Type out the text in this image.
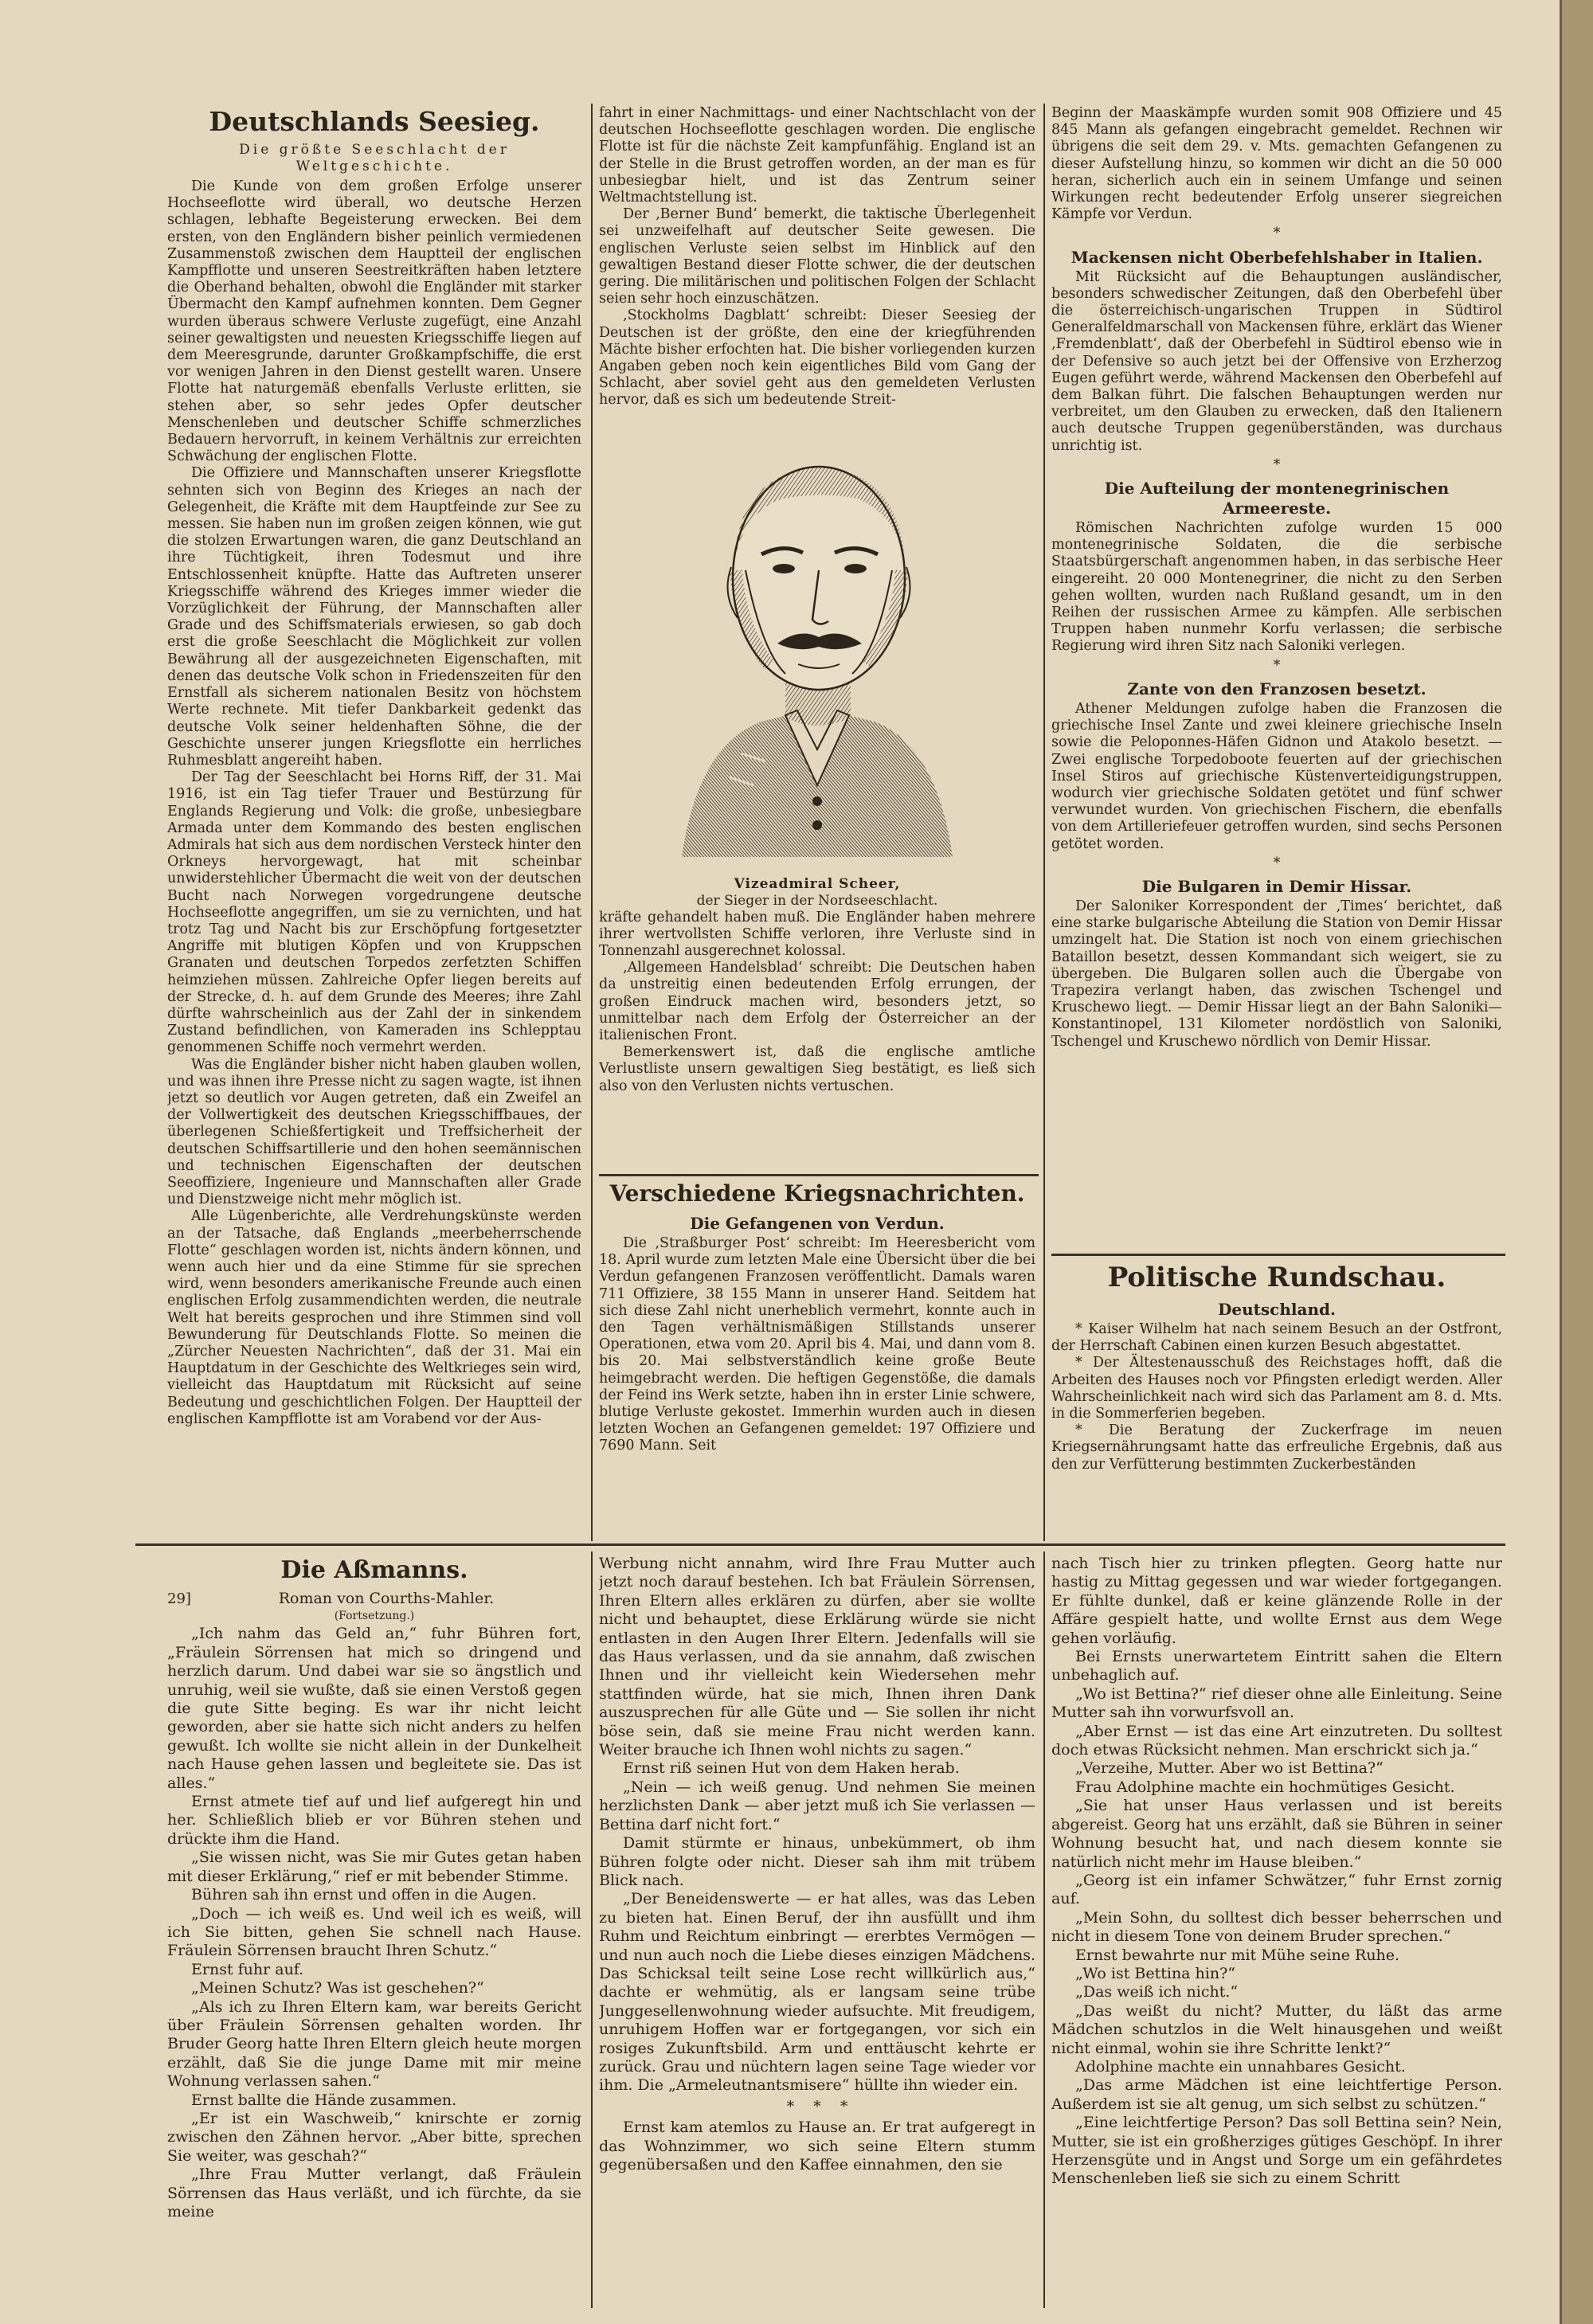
Deutschlands Seesieg.
Die größte Seeschlacht der Weltgeschichte.

Die Kunde von dem großen Erfolge unserer Hochseeflotte wird überall, wo deutsche Herzen schlagen, lebhafte Begeisterung erwecken. Bei dem ersten, von den Engländern bisher peinlich vermiedenen Zusammenstoß zwischen dem Hauptteil der englischen Kampfflotte und unseren Seestreitkräften haben letztere die Oberhand behalten, obwohl die Engländer mit starker Übermacht den Kampf aufnehmen konnten. Dem Gegner wurden überaus schwere Verluste zugefügt, eine Anzahl seiner gewaltigsten und neuesten Kriegsschiffe liegen auf dem Meeresgrunde, darunter Großkampfschiffe, die erst vor wenigen Jahren in den Dienst gestellt waren. Unsere Flotte hat naturgemäß ebenfalls Verluste erlitten, sie stehen aber, so sehr jedes Opfer deutscher Menschenleben und deutscher Schiffe schmerzliches Bedauern hervorruft, in keinem Verhältnis zur erreichten Schwächung der englischen Flotte.

Die Offiziere und Mannschaften unserer Kriegsflotte sehnten sich von Beginn des Krieges an nach der Gelegenheit, die Kräfte mit dem Hauptfeinde zur See zu messen. Sie haben nun im großen zeigen können, wie gut die stolzen Erwartungen waren, die ganz Deutschland an ihre Tüchtigkeit, ihren Todesmut und ihre Entschlossenheit knüpfte. Hatte das Auftreten unserer Kriegsschiffe während des Krieges immer wieder die Vorzüglichkeit der Führung, der Mannschaften aller Grade und des Schiffsmaterials erwiesen, so gab doch erst die große Seeschlacht die Möglichkeit zur vollen Bewährung all der ausgezeichneten Eigenschaften, mit denen das deutsche Volk schon in Friedenszeiten für den Ernstfall als sicherem nationalen Besitz von höchstem Werte rechnete. Mit tiefer Dankbarkeit gedenkt das deutsche Volk seiner heldenhaften Söhne, die der Geschichte unserer jungen Kriegsflotte ein herrliches Ruhmesblatt angereiht haben.

Der Tag der Seeschlacht bei Horns Riff, der 31. Mai 1916, ist ein Tag tiefer Trauer und Bestürzung für Englands Regierung und Volk: die große, unbesiegbare Armada unter dem Kommando des besten englischen Admirals hat sich aus dem nordischen Versteck hinter den Orkneys hervorgewagt, hat mit scheinbar unwiderstehlicher Übermacht die weit von der deutschen Bucht nach Norwegen vorgedrungene deutsche Hochseeflotte angegriffen, um sie zu vernichten, und hat trotz Tag und Nacht bis zur Erschöpfung fortgesetzter Angriffe mit blutigen Köpfen und von Kruppschen Granaten und deutschen Torpedos zerfetzten Schiffen heimziehen müssen. Zahlreiche Opfer liegen bereits auf der Strecke, d. h. auf dem Grunde des Meeres; ihre Zahl dürfte wahrscheinlich aus der Zahl der in sinkendem Zustand befindlichen, von Kameraden ins Schlepptau genommenen Schiffe noch vermehrt werden.

Was die Engländer bisher nicht haben glauben wollen, und was ihnen ihre Presse nicht zu sagen wagte, ist ihnen jetzt so deutlich vor Augen getreten, daß ein Zweifel an der Vollwertigkeit des deutschen Kriegsschiffbaues, der überlegenen Schießfertigkeit und Treffsicherheit der deutschen Schiffsartillerie und den hohen seemännischen und technischen Eigenschaften der deutschen Seeoffiziere, Ingenieure und Mannschaften aller Grade und Dienstzweige nicht mehr möglich ist.

Alle Lügenberichte, alle Verdrehungskünste werden an der Tatsache, daß Englands „meerbeherrschende Flotte“ geschlagen worden ist, nichts ändern können, und wenn auch hier und da eine Stimme für sie sprechen wird, wenn besonders amerikanische Freunde auch einen englischen Erfolg zusammendichten werden, die neutrale Welt hat bereits gesprochen und ihre Stimmen sind voll Bewunderung für Deutschlands Flotte. So meinen die „Zürcher Neuesten Nachrichten“, daß der 31. Mai ein Hauptdatum in der Geschichte des Weltkrieges sein wird, vielleicht das Hauptdatum mit Rücksicht auf seine Bedeutung und geschichtlichen Folgen. Der Hauptteil der englischen Kampfflotte ist am Vorabend vor der Aus-

fahrt in einer Nachmittags- und einer Nachtschlacht von der deutschen Hochseeflotte geschlagen worden. Die englische Flotte ist für die nächste Zeit kampfunfähig. England ist an der Stelle in die Brust getroffen worden, an der man es für unbesiegbar hielt, und ist das Zentrum seiner Weltmachtstellung ist.

Der ‚Berner Bund‘ bemerkt, die taktische Überlegenheit sei unzweifelhaft auf deutscher Seite gewesen. Die englischen Verluste seien selbst im Hinblick auf den gewaltigen Bestand dieser Flotte schwer, die der deutschen gering. Die militärischen und politischen Folgen der Schlacht seien sehr hoch einzuschätzen.

‚Stockholms Dagblatt‘ schreibt: Dieser Seesieg der Deutschen ist der größte, den eine der kriegführenden Mächte bisher erfochten hat. Die bisher vorliegenden kurzen Angaben geben noch kein eigentliches Bild vom Gang der Schlacht, aber soviel geht aus den gemeldeten Verlusten hervor, daß es sich um bedeutende Streit-

Vizeadmiral Scheer,
der Sieger in der Nordseeschlacht.

kräfte gehandelt haben muß. Die Engländer haben mehrere ihrer wertvollsten Schiffe verloren, ihre Verluste sind in Tonnenzahl ausgerechnet kolossal.

‚Allgemeen Handelsblad‘ schreibt: Die Deutschen haben da unstreitig einen bedeutenden Erfolg errungen, der großen Eindruck machen wird, besonders jetzt, so unmittelbar nach dem Erfolg der Österreicher an der italienischen Front.

Bemerkenswert ist, daß die englische amtliche Verlustliste unsern gewaltigen Sieg bestätigt, es ließ sich also von den Verlusten nichts vertuschen.

Verschiedene Kriegsnachrichten.
Die Gefangenen von Verdun.

Die ‚Straßburger Post‘ schreibt: Im Heeresbericht vom 18. April wurde zum letzten Male eine Übersicht über die bei Verdun gefangenen Franzosen veröffentlicht. Damals waren 711 Offiziere, 38 155 Mann in unserer Hand. Seitdem hat sich diese Zahl nicht unerheblich vermehrt, konnte auch in den Tagen verhältnismäßigen Stillstands unserer Operationen, etwa vom 20. April bis 4. Mai, und dann vom 8. bis 20. Mai selbstverständlich keine große Beute heimgebracht werden. Die heftigen Gegenstöße, die damals der Feind ins Werk setzte, haben ihn in erster Linie schwere, blutige Verluste gekostet. Immerhin wurden auch in diesen letzten Wochen an Gefangenen gemeldet: 197 Offiziere und 7690 Mann. Seit

Beginn der Maaskämpfe wurden somit 908 Offiziere und 45 845 Mann als gefangen eingebracht gemeldet. Rechnen wir übrigens die seit dem 29. v. Mts. gemachten Gefangenen zu dieser Aufstellung hinzu, so kommen wir dicht an die 50 000 heran, sicherlich auch ein in seinem Umfange und seinen Wirkungen recht bedeutender Erfolg unserer siegreichen Kämpfe vor Verdun.

*
Mackensen nicht Oberbefehlshaber in Italien.

Mit Rücksicht auf die Behauptungen ausländischer, besonders schwedischer Zeitungen, daß den Oberbefehl über die österreichisch-ungarischen Truppen in Südtirol Generalfeldmarschall von Mackensen führe, erklärt das Wiener ‚Fremdenblatt‘, daß der Oberbefehl in Südtirol ebenso wie in der Defensive so auch jetzt bei der Offensive von Erzherzog Eugen geführt werde, während Mackensen den Oberbefehl auf dem Balkan führt. Die falschen Behauptungen werden nur verbreitet, um den Glauben zu erwecken, daß den Italienern auch deutsche Truppen gegenüberständen, was durchaus unrichtig ist.

*
Die Aufteilung der montenegrinischen Armeereste.

Römischen Nachrichten zufolge wurden 15 000 montenegrinische Soldaten, die die serbische Staatsbürgerschaft angenommen haben, in das serbische Heer eingereiht. 20 000 Montenegriner, die nicht zu den Serben gehen wollten, wurden nach Rußland gesandt, um in den Reihen der russischen Armee zu kämpfen. Alle serbischen Truppen haben nunmehr Korfu verlassen; die serbische Regierung wird ihren Sitz nach Saloniki verlegen.

*
Zante von den Franzosen besetzt.

Athener Meldungen zufolge haben die Franzosen die griechische Insel Zante und zwei kleinere griechische Inseln sowie die Peloponnes-Häfen Gidnon und Atakolo besetzt. — Zwei englische Torpedoboote feuerten auf der griechischen Insel Stiros auf griechische Küstenverteidigungstruppen, wodurch vier griechische Soldaten getötet und fünf schwer verwundet wurden. Von griechischen Fischern, die ebenfalls von dem Artilleriefeuer getroffen wurden, sind sechs Personen getötet worden.

*
Die Bulgaren in Demir Hissar.

Der Saloniker Korrespondent der ‚Times‘ berichtet, daß eine starke bulgarische Abteilung die Station von Demir Hissar umzingelt hat. Die Station ist noch von einem griechischen Bataillon besetzt, dessen Kommandant sich weigert, sie zu übergeben. Die Bulgaren sollen auch die Übergabe von Trapezira verlangt haben, das zwischen Tschengel und Kruschewo liegt. — Demir Hissar liegt an der Bahn Saloniki—Konstantinopel, 131 Kilometer nordöstlich von Saloniki, Tschengel und Kruschewo nördlich von Demir Hissar.

Politische Rundschau.
Deutschland.

* Kaiser Wilhelm hat nach seinem Besuch an der Ostfront, der Herrschaft Cabinen einen kurzen Besuch abgestattet.

* Der Ältestenausschuß des Reichstages hofft, daß die Arbeiten des Hauses noch vor Pfingsten erledigt werden. Aller Wahrscheinlichkeit nach wird sich das Parlament am 8. d. Mts. in die Sommerferien begeben.

* Die Beratung der Zuckerfrage im neuen Kriegsernährungsamt hatte das erfreuliche Ergebnis, daß aus den zur Verfütterung bestimmten Zuckerbeständen

Die Aßmanns.
29]	Roman von Courths-Mahler.
(Fortsetzung.)

„Ich nahm das Geld an,“ fuhr Bühren fort, „Fräulein Sörrensen hat mich so dringend und herzlich darum. Und dabei war sie so ängstlich und unruhig, weil sie wußte, daß sie einen Verstoß gegen die gute Sitte beging. Es war ihr nicht leicht geworden, aber sie hatte sich nicht anders zu helfen gewußt. Ich wollte sie nicht allein in der Dunkelheit nach Hause gehen lassen und begleitete sie. Das ist alles.“

Ernst atmete tief auf und lief aufgeregt hin und her. Schließlich blieb er vor Bühren stehen und drückte ihm die Hand.

„Sie wissen nicht, was Sie mir Gutes getan haben mit dieser Erklärung,“ rief er mit bebender Stimme.

Bühren sah ihn ernst und offen in die Augen.

„Doch — ich weiß es. Und weil ich es weiß, will ich Sie bitten, gehen Sie schnell nach Hause. Fräulein Sörrensen braucht Ihren Schutz.“

Ernst fuhr auf.

„Meinen Schutz? Was ist geschehen?“

„Als ich zu Ihren Eltern kam, war bereits Gericht über Fräulein Sörrensen gehalten worden. Ihr Bruder Georg hatte Ihren Eltern gleich heute morgen erzählt, daß Sie die junge Dame mit mir meine Wohnung verlassen sahen.“

Ernst ballte die Hände zusammen.

„Er ist ein Waschweib,“ knirschte er zornig zwischen den Zähnen hervor. „Aber bitte, sprechen Sie weiter, was geschah?“

„Ihre Frau Mutter verlangt, daß Fräulein Sörrensen das Haus verläßt, und ich fürchte, da sie meine

Werbung nicht annahm, wird Ihre Frau Mutter auch jetzt noch darauf bestehen. Ich bat Fräulein Sörrensen, Ihren Eltern alles erklären zu dürfen, aber sie wollte nicht und behauptet, diese Erklärung würde sie nicht entlasten in den Augen Ihrer Eltern. Jedenfalls will sie das Haus verlassen, und da sie annahm, daß zwischen Ihnen und ihr vielleicht kein Wiedersehen mehr stattfinden würde, hat sie mich, Ihnen ihren Dank auszusprechen für alle Güte und — Sie sollen ihr nicht böse sein, daß sie meine Frau nicht werden kann. Weiter brauche ich Ihnen wohl nichts zu sagen.“

Ernst riß seinen Hut von dem Haken herab.

„Nein — ich weiß genug. Und nehmen Sie meinen herzlichsten Dank — aber jetzt muß ich Sie verlassen — Bettina darf nicht fort.“

Damit stürmte er hinaus, unbekümmert, ob ihm Bühren folgte oder nicht. Dieser sah ihm mit trübem Blick nach.

„Der Beneidenswerte — er hat alles, was das Leben zu bieten hat. Einen Beruf, der ihn ausfüllt und ihm Ruhm und Reichtum einbringt — ererbtes Vermögen — und nun auch noch die Liebe dieses einzigen Mädchens. Das Schicksal teilt seine Lose recht willkürlich aus,“ dachte er wehmütig, als er langsam seine trübe Junggesellenwohnung wieder aufsuchte. Mit freudigem, unruhigem Hoffen war er fortgegangen, vor sich ein rosiges Zukunftsbild. Arm und enttäuscht kehrte er zurück. Grau und nüchtern lagen seine Tage wieder vor ihm. Die „Armeleutnantsmisere“ hüllte ihn wieder ein.

*    *    *

Ernst kam atemlos zu Hause an. Er trat aufgeregt in das Wohnzimmer, wo sich seine Eltern stumm gegenübersaßen und den Kaffee einnahmen, den sie

nach Tisch hier zu trinken pflegten. Georg hatte nur hastig zu Mittag gegessen und war wieder fortgegangen. Er fühlte dunkel, daß er keine glänzende Rolle in der Affäre gespielt hatte, und wollte Ernst aus dem Wege gehen vorläufig.

Bei Ernsts unerwartetem Eintritt sahen die Eltern unbehaglich auf.

„Wo ist Bettina?“ rief dieser ohne alle Einleitung. Seine Mutter sah ihn vorwurfsvoll an.

„Aber Ernst — ist das eine Art einzutreten. Du solltest doch etwas Rücksicht nehmen. Man erschrickt sich ja.“

„Verzeihe, Mutter. Aber wo ist Bettina?“

Frau Adolphine machte ein hochmütiges Gesicht.

„Sie hat unser Haus verlassen und ist bereits abgereist. Georg hat uns erzählt, daß sie Bühren in seiner Wohnung besucht hat, und nach diesem konnte sie natürlich nicht mehr im Hause bleiben.“

„Georg ist ein infamer Schwätzer,“ fuhr Ernst zornig auf.

„Mein Sohn, du solltest dich besser beherrschen und nicht in diesem Tone von deinem Bruder sprechen.“

Ernst bewahrte nur mit Mühe seine Ruhe.

„Wo ist Bettina hin?“

„Das weiß ich nicht.“

„Das weißt du nicht? Mutter, du läßt das arme Mädchen schutzlos in die Welt hinausgehen und weißt nicht einmal, wohin sie ihre Schritte lenkt?“

Adolphine machte ein unnahbares Gesicht.

„Das arme Mädchen ist eine leichtfertige Person. Außerdem ist sie alt genug, um sich selbst zu schützen.“

„Eine leichtfertige Person? Das soll Bettina sein? Nein, Mutter, sie ist ein großherziges gütiges Geschöpf. In ihrer Herzensgüte und in Angst und Sorge um ein gefährdetes Menschenleben ließ sie sich zu einem Schritt
